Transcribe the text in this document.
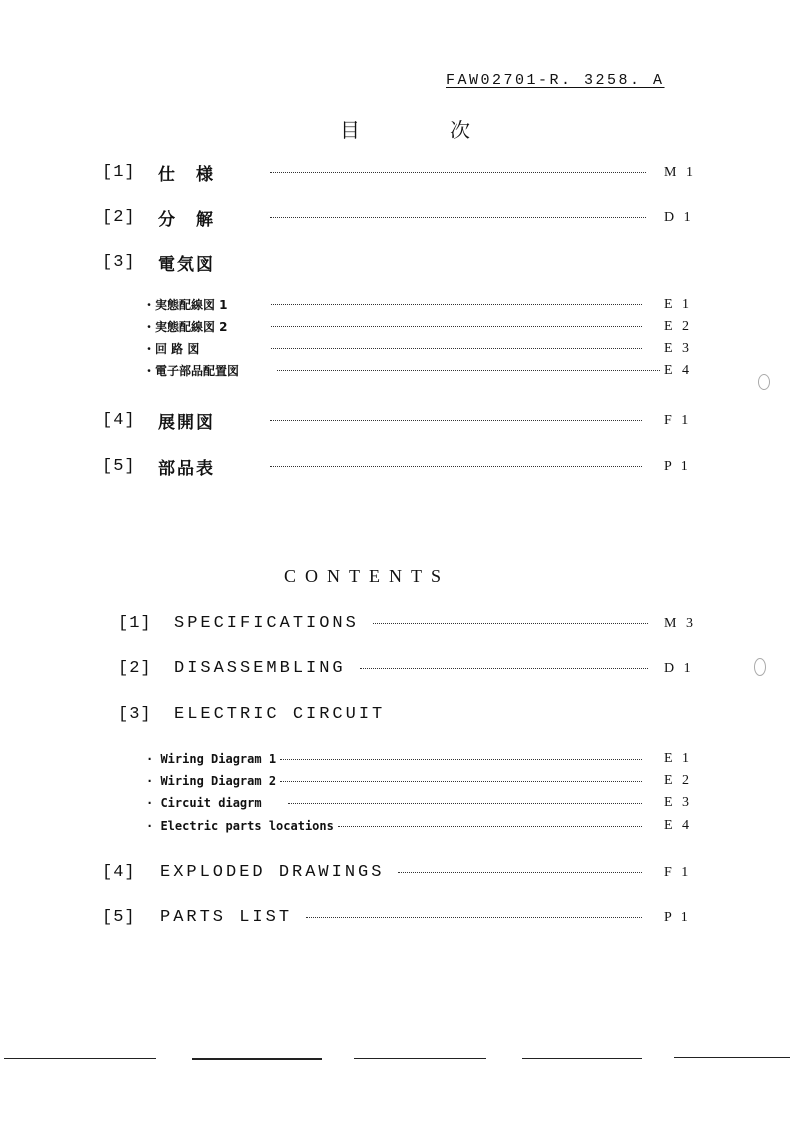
FAW02701-R. 3258. A
目	次
[1]	仕　様	M 1
[2]	分　解	D 1
[3]	電気図
・実態配線図 1	E 1
・実態配線図 2	E 2
・回 路 図	E 3
・電子部品配置図	E 4
[4]	展開図	F 1
[5]	部品表	P 1
CONTENTS
[1]	SPECIFICATIONS	M 3
[2]	DISASSEMBLING	D 1
[3]	ELECTRIC CIRCUIT
· Wiring Diagram 1	E 1
· Wiring Diagram 2	E 2
· Circuit diagrm	E 3
· Electric parts locations	E 4
[4]	EXPLODED DRAWINGS	F 1
[5]	PARTS LIST	P 1
